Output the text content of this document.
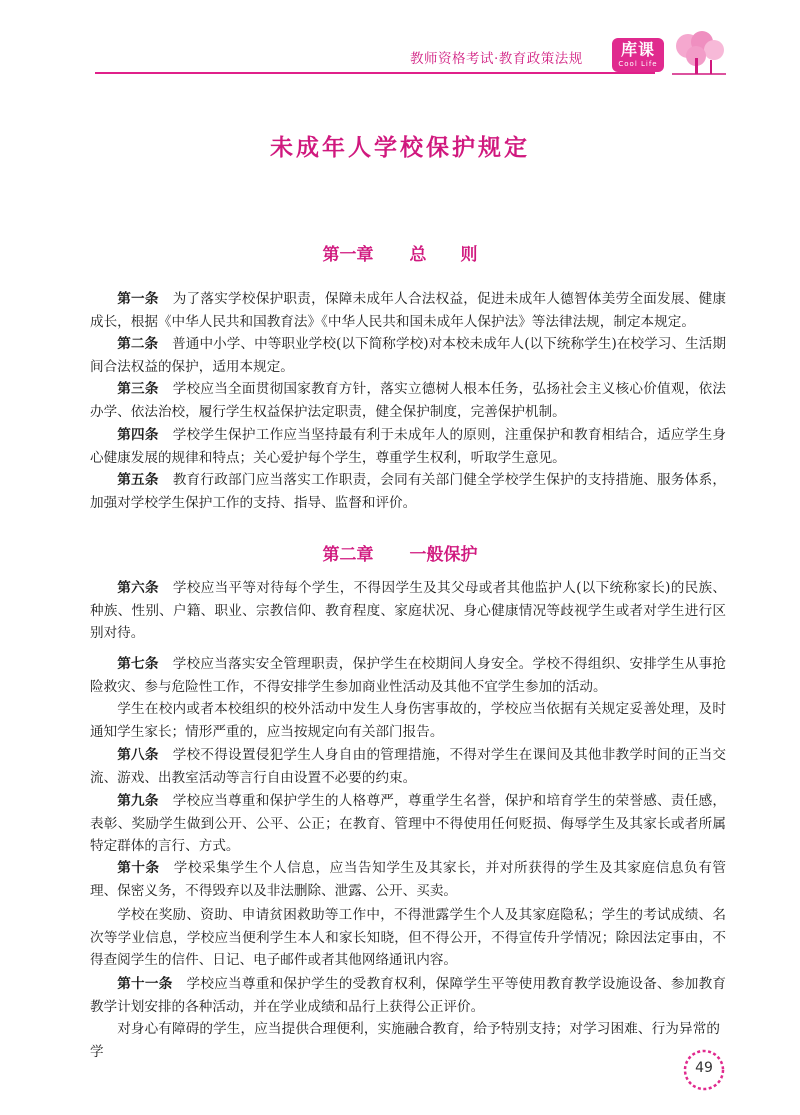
教师资格考试·教育政策法规	库课
Cool Life
未成年人学校保护规定
第一章 总　　则

第一条 为了落实学校保护职责，保障未成年人合法权益，促进未成年人德智体美劳全面发展、健康成长，根据《中华人民共和国教育法》《中华人民共和国未成年人保护法》等法律法规，制定本规定。

第二条 普通中小学、中等职业学校(以下简称学校)对本校未成年人(以下统称学生)在校学习、生活期间合法权益的保护，适用本规定。

第三条 学校应当全面贯彻国家教育方针，落实立德树人根本任务，弘扬社会主义核心价值观，依法办学、依法治校，履行学生权益保护法定职责，健全保护制度，完善保护机制。

第四条 学校学生保护工作应当坚持最有利于未成年人的原则，注重保护和教育相结合，适应学生身心健康发展的规律和特点；关心爱护每个学生，尊重学生权利，听取学生意见。

第五条 教育行政部门应当落实工作职责，会同有关部门健全学校学生保护的支持措施、服务体系，加强对学校学生保护工作的支持、指导、监督和评价。

第二章 一般保护

第六条 学校应当平等对待每个学生，不得因学生及其父母或者其他监护人(以下统称家长)的民族、种族、性别、户籍、职业、宗教信仰、教育程度、家庭状况、身心健康情况等歧视学生或者对学生进行区别对待。

第七条 学校应当落实安全管理职责，保护学生在校期间人身安全。学校不得组织、安排学生从事抢险救灾、参与危险性工作，不得安排学生参加商业性活动及其他不宜学生参加的活动。

学生在校内或者本校组织的校外活动中发生人身伤害事故的，学校应当依据有关规定妥善处理，及时通知学生家长；情形严重的，应当按规定向有关部门报告。

第八条 学校不得设置侵犯学生人身自由的管理措施，不得对学生在课间及其他非教学时间的正当交流、游戏、出教室活动等言行自由设置不必要的约束。

第九条 学校应当尊重和保护学生的人格尊严，尊重学生名誉，保护和培育学生的荣誉感、责任感，表彰、奖励学生做到公开、公平、公正；在教育、管理中不得使用任何贬损、侮辱学生及其家长或者所属特定群体的言行、方式。

第十条 学校采集学生个人信息，应当告知学生及其家长，并对所获得的学生及其家庭信息负有管理、保密义务，不得毁弃以及非法删除、泄露、公开、买卖。

学校在奖励、资助、申请贫困救助等工作中，不得泄露学生个人及其家庭隐私；学生的考试成绩、名次等学业信息，学校应当便利学生本人和家长知晓，但不得公开，不得宣传升学情况；除因法定事由，不得查阅学生的信件、日记、电子邮件或者其他网络通讯内容。

第十一条 学校应当尊重和保护学生的受教育权利，保障学生平等使用教育教学设施设备、参加教育教学计划安排的各种活动，并在学业成绩和品行上获得公正评价。

对身心有障碍的学生，应当提供合理便利，实施融合教育，给予特别支持；对学习困难、行为异常的学

49
